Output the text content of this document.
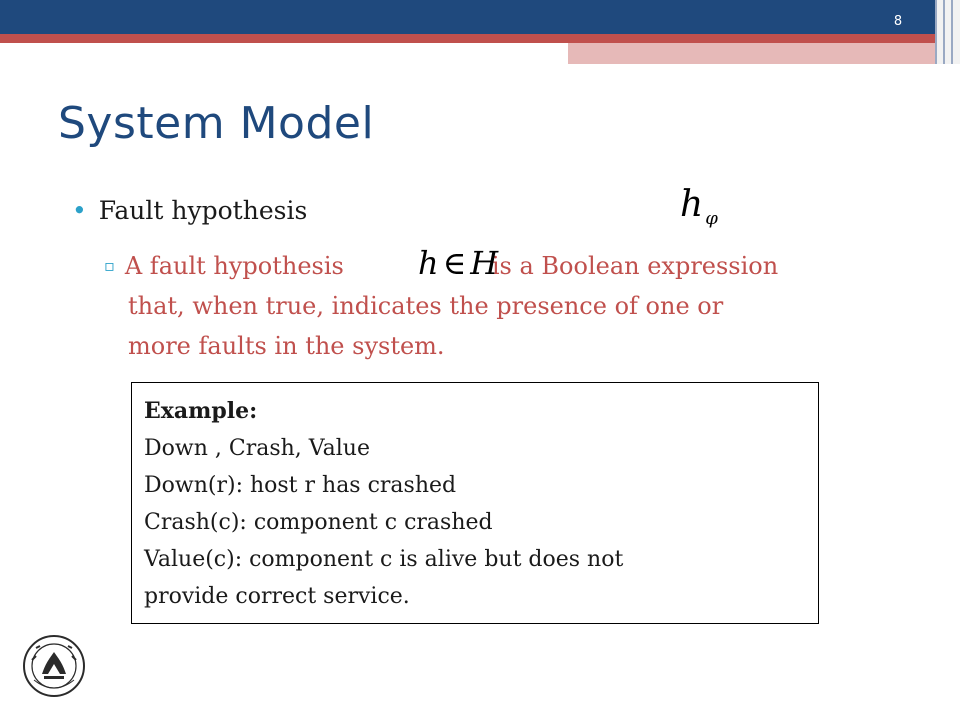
8
System Model
h $_\varphi$
• Fault hypothesis
▫ A fault hypothesis	is a Boolean expression
that, when true, indicates the presence of one or
more faults in the system.
h ∈ H
Example:
Down , Crash, Value
Down(r): host r has crashed
Crash(c): component c crashed
Value(c): component c is alive but does not
provide correct service.
